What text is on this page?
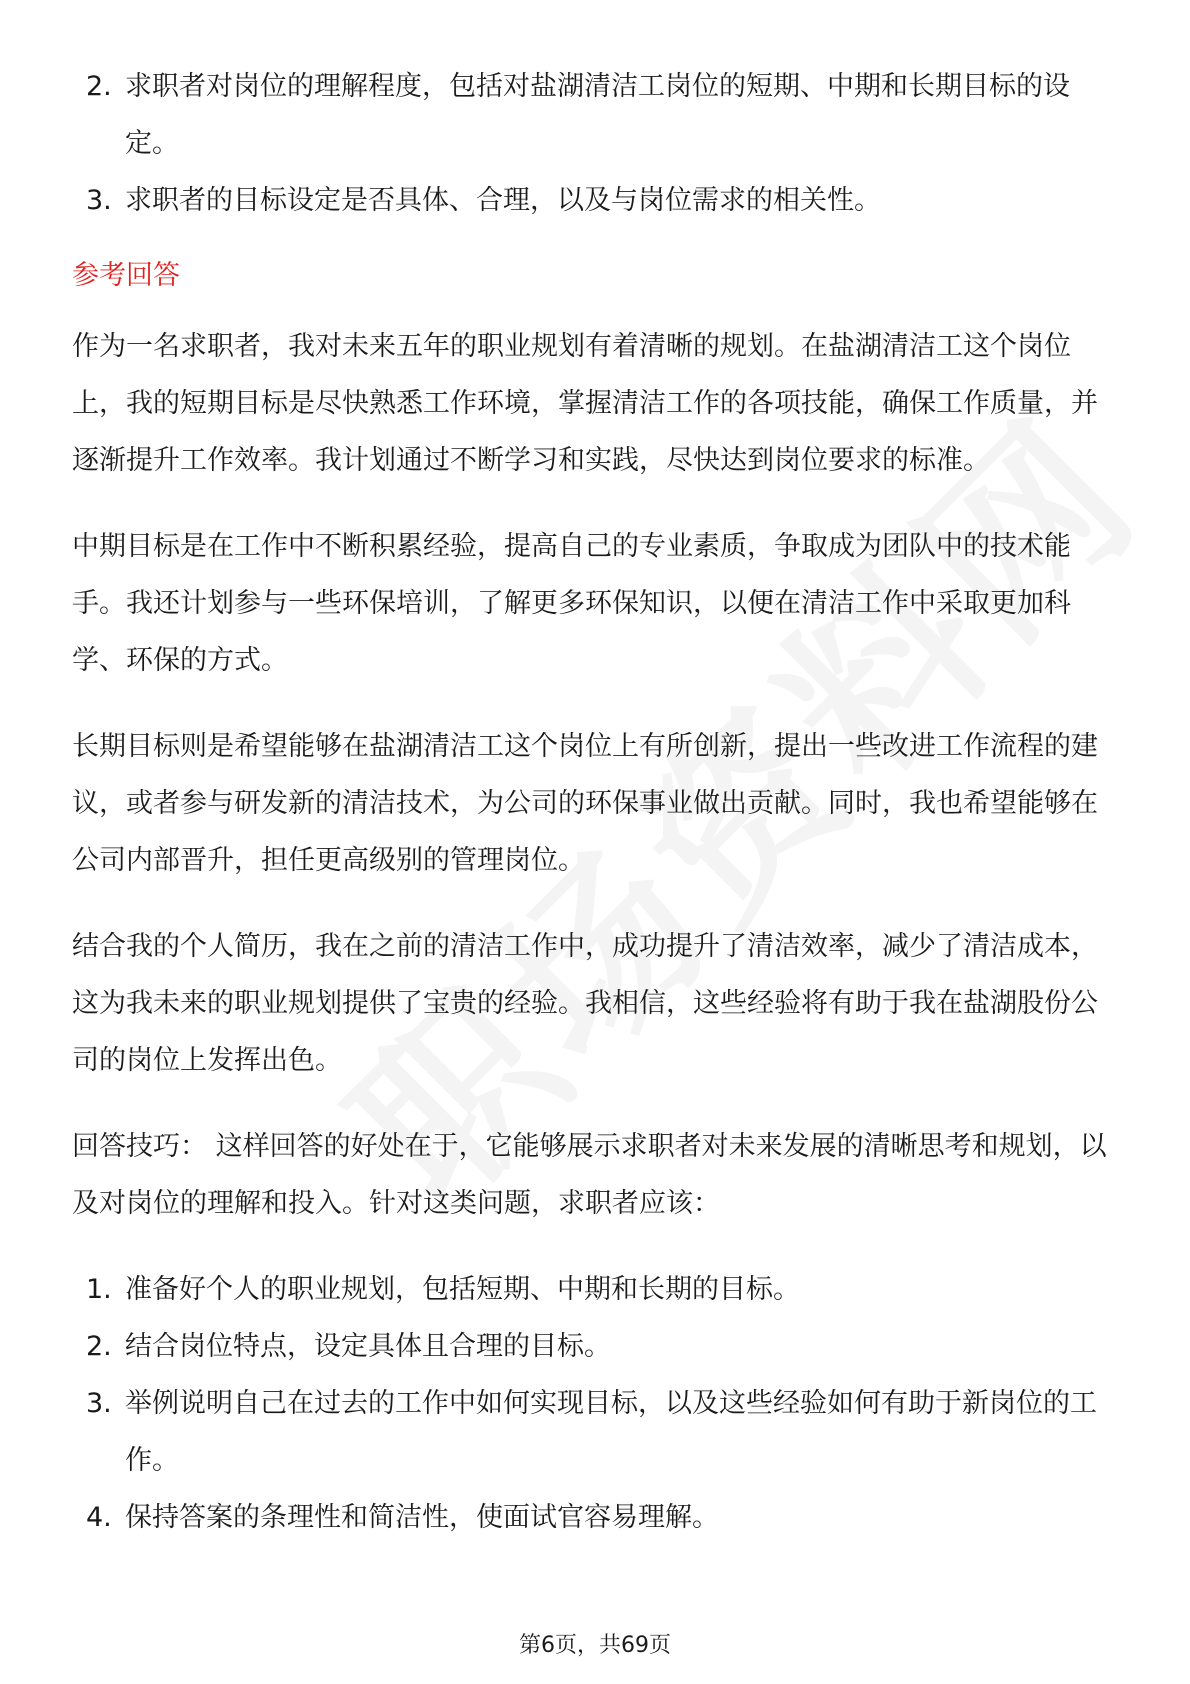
2. 求职者对岗位的理解程度，包括对盐湖清洁工岗位的短期、中期和长期目标的设定。
3. 求职者的目标设定是否具体、合理，以及与岗位需求的相关性。
参考回答

作为一名求职者，我对未来五年的职业规划有着清晰的规划。在盐湖清洁工这个岗位上，我的短期目标是尽快熟悉工作环境，掌握清洁工作的各项技能，确保工作质量，并逐渐提升工作效率。我计划通过不断学习和实践，尽快达到岗位要求的标准。

中期目标是在工作中不断积累经验，提高自己的专业素质，争取成为团队中的技术能手。我还计划参与一些环保培训，了解更多环保知识，以便在清洁工作中采取更加科学、环保的方式。

长期目标则是希望能够在盐湖清洁工这个岗位上有所创新，提出一些改进工作流程的建议，或者参与研发新的清洁技术，为公司的环保事业做出贡献。同时，我也希望能够在公司内部晋升，担任更高级别的管理岗位。

结合我的个人简历，我在之前的清洁工作中，成功提升了清洁效率，减少了清洁成本，这为我未来的职业规划提供了宝贵的经验。我相信，这些经验将有助于我在盐湖股份公司的岗位上发挥出色。

回答技巧： 这样回答的好处在于，它能够展示求职者对未来发展的清晰思考和规划，以及对岗位的理解和投入。针对这类问题，求职者应该：

1. 准备好个人的职业规划，包括短期、中期和长期的目标。
2. 结合岗位特点，设定具体且合理的目标。
3. 举例说明自己在过去的工作中如何实现目标，以及这些经验如何有助于新岗位的工作。
4. 保持答案的条理性和简洁性，使面试官容易理解。
第6页，共69页
